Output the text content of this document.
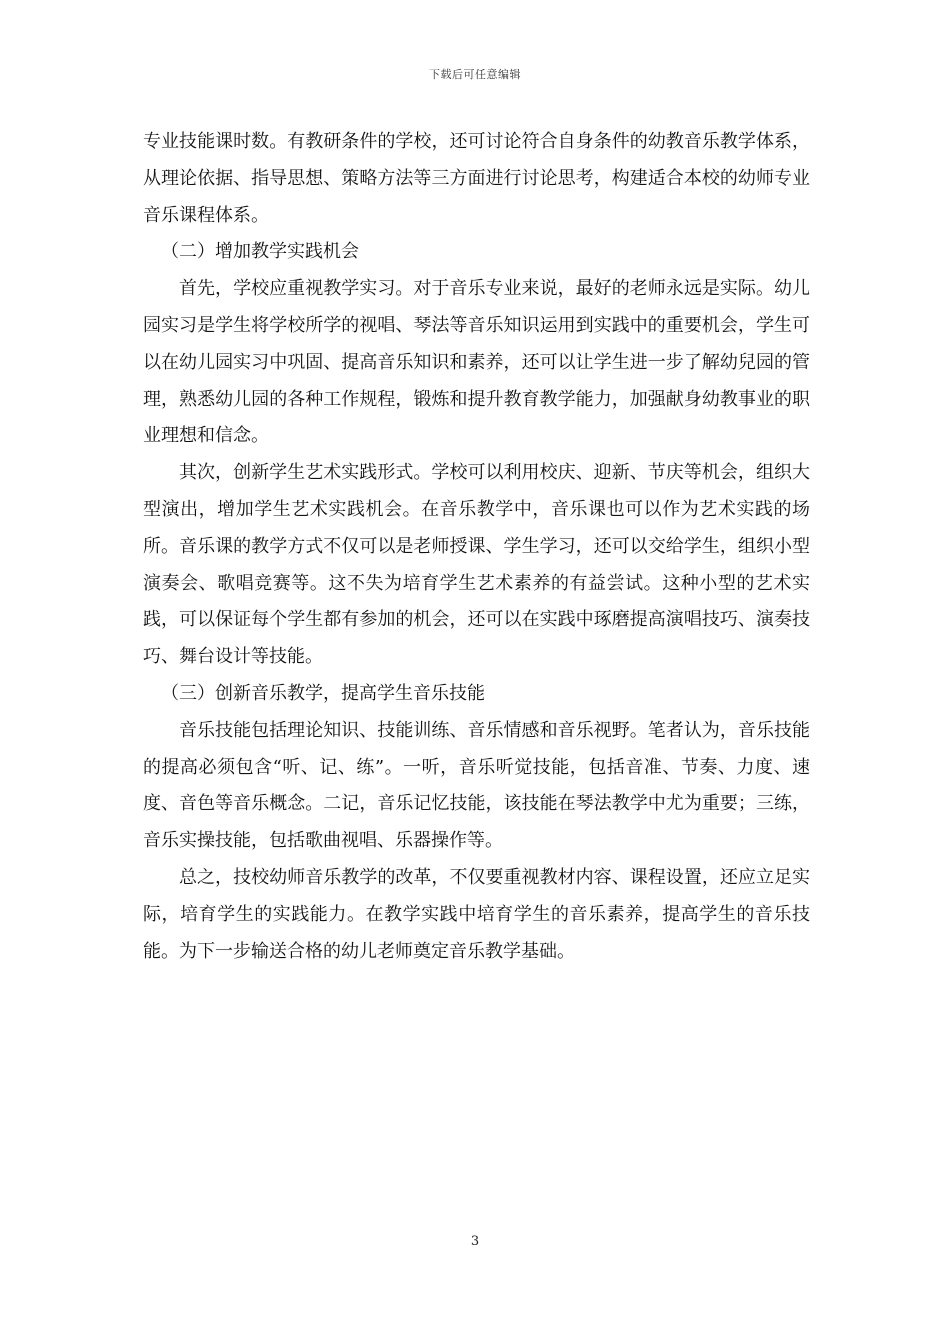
下载后可任意编辑

专业技能课时数。有教研条件的学校，还可讨论符合自身条件的幼教音乐教学体系，从理论依据、指导思想、策略方法等三方面进行讨论思考，构建适合本校的幼师专业音乐课程体系。

（二）增加教学实践机会

首先，学校应重视教学实习。对于音乐专业来说，最好的老师永远是实际。幼儿园实习是学生将学校所学的视唱、琴法等音乐知识运用到实践中的重要机会，学生可以在幼儿园实习中巩固、提高音乐知识和素养，还可以让学生进一步了解幼兒园的管理，熟悉幼儿园的各种工作规程，锻炼和提升教育教学能力，加强献身幼教事业的职业理想和信念。

其次，创新学生艺术实践形式。学校可以利用校庆、迎新、节庆等机会，组织大型演出，增加学生艺术实践机会。在音乐教学中，音乐课也可以作为艺术实践的场所。音乐课的教学方式不仅可以是老师授课、学生学习，还可以交给学生，组织小型演奏会、歌唱竞赛等。这不失为培育学生艺术素养的有益尝试。这种小型的艺术实践，可以保证每个学生都有参加的机会，还可以在实践中琢磨提高演唱技巧、演奏技巧、舞台设计等技能。

（三）创新音乐教学，提高学生音乐技能

音乐技能包括理论知识、技能训练、音乐情感和音乐视野。笔者认为，音乐技能的提高必须包含“听、记、练”。一听，音乐听觉技能，包括音准、节奏、力度、速度、音色等音乐概念。二记，音乐记忆技能，该技能在琴法教学中尤为重要；三练，音乐实操技能，包括歌曲视唱、乐器操作等。

总之，技校幼师音乐教学的改革，不仅要重视教材内容、课程设置，还应立足实际，培育学生的实践能力。在教学实践中培育学生的音乐素养，提高学生的音乐技能。为下一步输送合格的幼儿老师奠定音乐教学基础。

3
